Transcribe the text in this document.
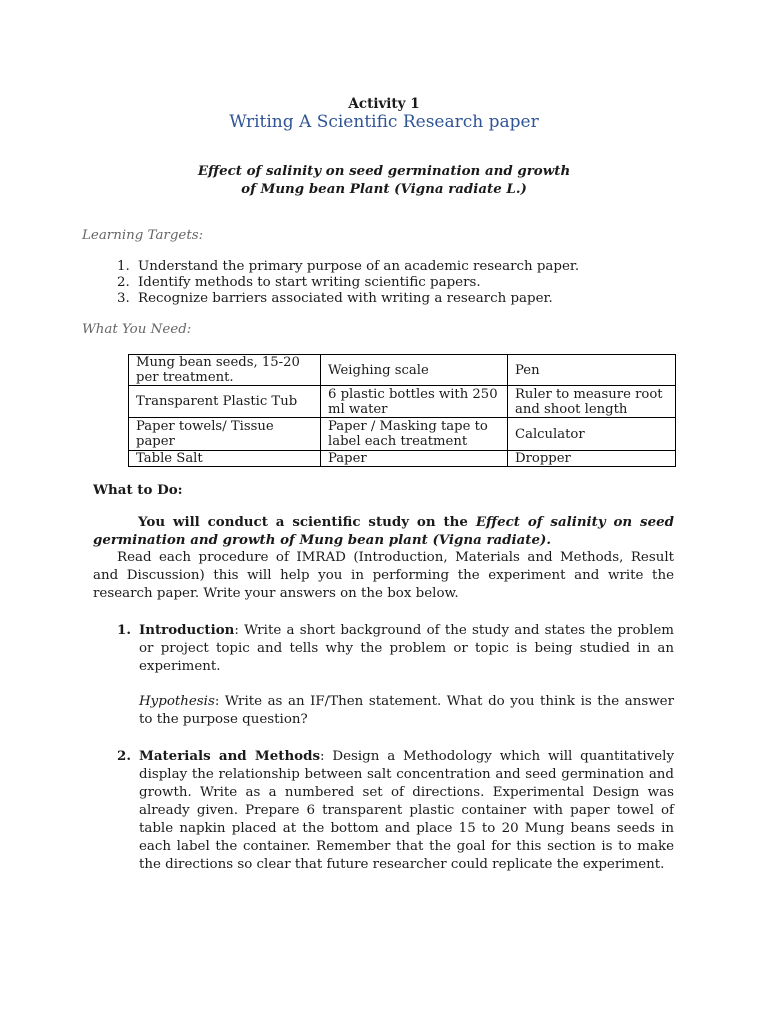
Activity 1
Writing A Scientific Research paper
Effect of salinity on seed germination and growth
of Mung bean Plant (Vigna radiate L.)
Learning Targets:
1. Understand the primary purpose of an academic research paper.
2. Identify methods to start writing scientific papers.
3. Recognize barriers associated with writing a research paper.
What You Need:
Mung bean seeds, 15-20 per treatment.	Weighing scale	Pen
Transparent Plastic Tub	6 plastic bottles with 250 ml water	Ruler to measure root and shoot length
Paper towels/ Tissue paper	Paper / Masking tape to label each treatment	Calculator
Table Salt	Paper	Dropper
What to Do:

You will conduct a scientific study on the Effect of salinity on seed germination and growth of Mung bean plant (Vigna radiate).

Read each procedure of IMRAD (Introduction, Materials and Methods, Result and Discussion) this will help you in performing the experiment and write the research paper. Write your answers on the box below.

1. Introduction: Write a short background of the study and states the problem or project topic and tells why the problem or topic is being studied in an experiment.
Hypothesis: Write as an IF/Then statement. What do you think is the answer to the purpose question?
2. Materials and Methods: Design a Methodology which will quantitatively display the relationship between salt concentration and seed germination and growth. Write as a numbered set of directions. Experimental Design was already given. Prepare 6 transparent plastic container with paper towel of table napkin placed at the bottom and place 15 to 20 Mung beans seeds in each label the container. Remember that the goal for this section is to make the directions so clear that future researcher could replicate the experiment.
